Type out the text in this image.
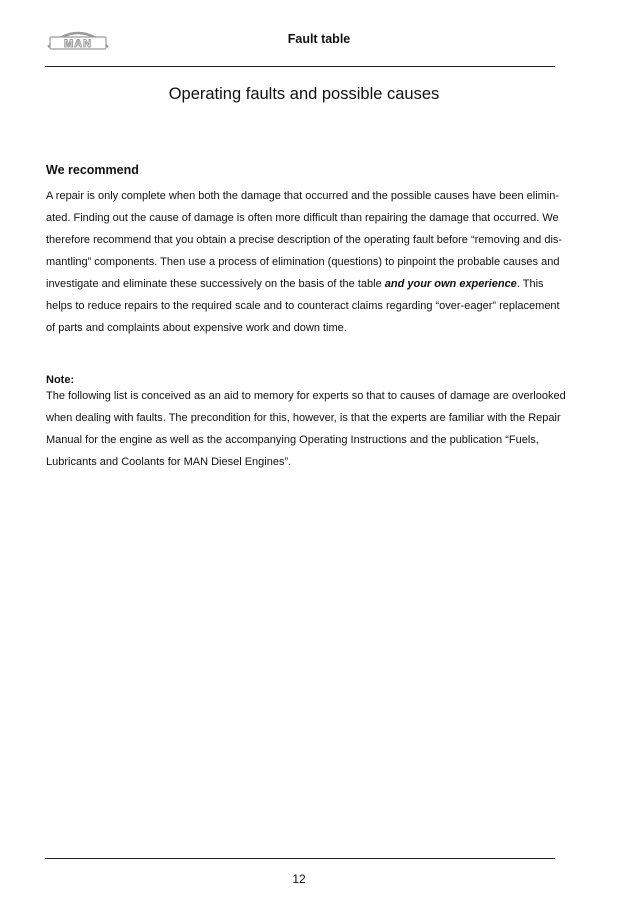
MAN	Fault table
Operating faults and possible causes
We recommend

A repair is only complete when both the damage that occurred and the possible causes have been elimin-
ated. Finding out the cause of damage is often more difficult than repairing the damage that occurred. We
therefore recommend that you obtain a precise description of the operating fault before “removing and dis-
mantling” components. Then use a process of elimination (questions) to pinpoint the probable causes and
investigate and eliminate these successively on the basis of the table and your own experience. This
helps to reduce repairs to the required scale and to counteract claims regarding “over-eager” replacement
of parts and complaints about expensive work and down time.

Note:

The following list is conceived as an aid to memory for experts so that to causes of damage are overlooked
when dealing with faults. The precondition for this, however, is that the experts are familiar with the Repair
Manual for the engine as well as the accompanying Operating Instructions and the publication “Fuels,
Lubricants and Coolants for MAN Diesel Engines”.

12
